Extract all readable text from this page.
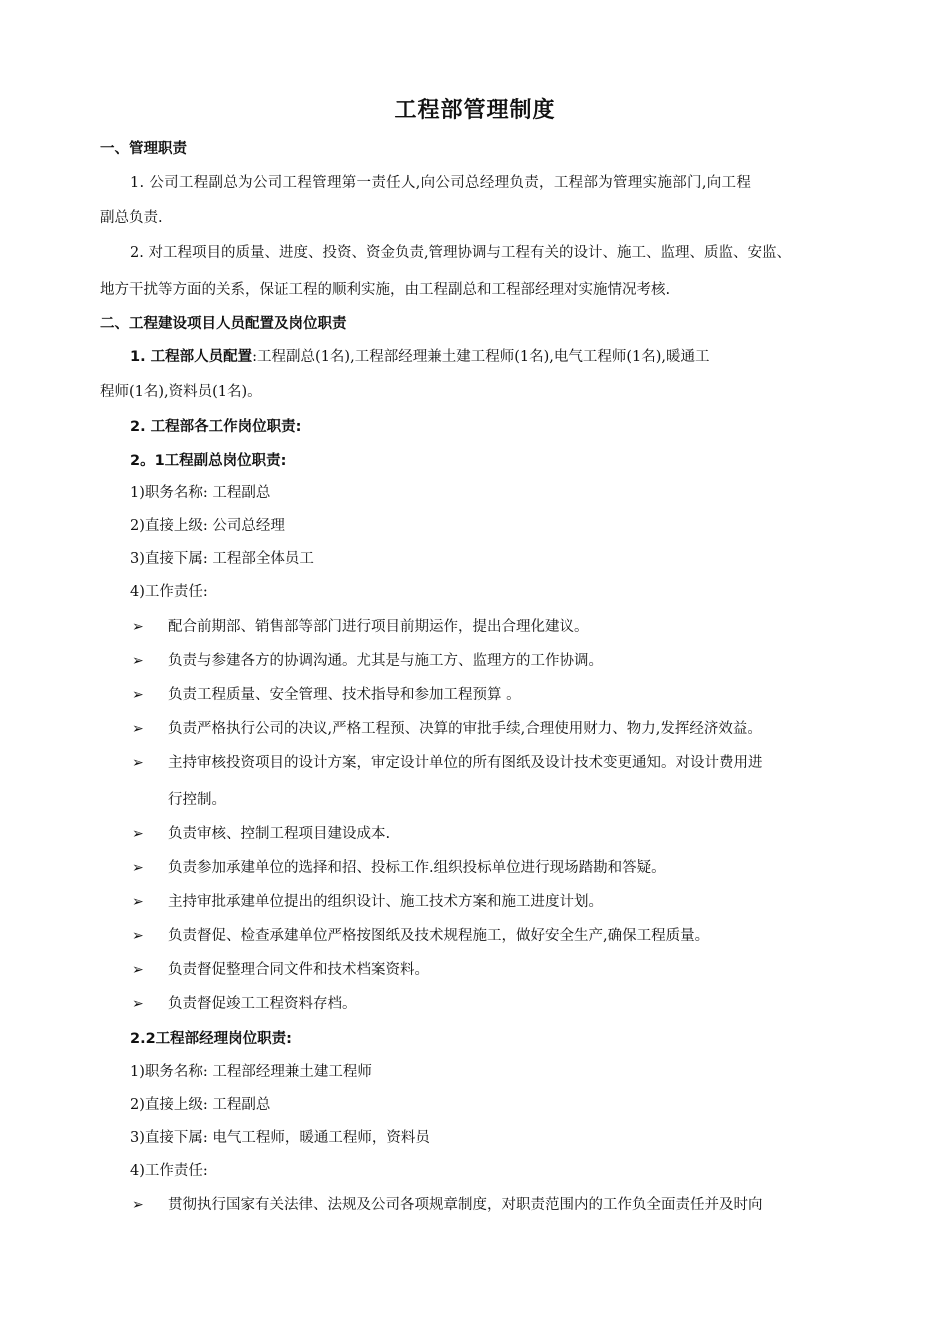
工程部管理制度
一、管理职责
1. 公司工程副总为公司工程管理第一责任人,向公司总经理负责，工程部为管理实施部门,向工程
副总负责.
2. 对工程项目的质量、进度、投资、资金负责,管理协调与工程有关的设计、施工、监理、质监、安监、
地方干扰等方面的关系，保证工程的顺利实施，由工程副总和工程部经理对实施情况考核.
二、工程建设项目人员配置及岗位职责
1. 工程部人员配置:工程副总(1名),工程部经理兼土建工程师(1名),电气工程师(1名),暖通工
程师(1名),资料员(1名)。
2. 工程部各工作岗位职责:
2。1工程副总岗位职责:
1)职务名称: 工程副总
2)直接上级: 公司总经理
3)直接下属: 工程部全体员工
4)工作责任:
➢ 配合前期部、销售部等部门进行项目前期运作，提出合理化建议。
➢ 负责与参建各方的协调沟通。尤其是与施工方、监理方的工作协调。
➢ 负责工程质量、安全管理、技术指导和参加工程预算 。
➢ 负责严格执行公司的决议,严格工程预、决算的审批手续,合理使用财力、物力,发挥经济效益。
➢ 主持审核投资项目的设计方案，审定设计单位的所有图纸及设计技术变更通知。对设计费用进
行控制。
➢ 负责审核、控制工程项目建设成本.
➢ 负责参加承建单位的选择和招、投标工作.组织投标单位进行现场踏勘和答疑。
➢ 主持审批承建单位提出的组织设计、施工技术方案和施工进度计划。
➢ 负责督促、检查承建单位严格按图纸及技术规程施工，做好安全生产,确保工程质量。
➢ 负责督促整理合同文件和技术档案资料。
➢ 负责督促竣工工程资料存档。
2.2工程部经理岗位职责:
1)职务名称: 工程部经理兼土建工程师
2)直接上级: 工程副总
3)直接下属: 电气工程师，暖通工程师，资料员
4)工作责任:
➢ 贯彻执行国家有关法律、法规及公司各项规章制度，对职责范围内的工作负全面责任并及时向
